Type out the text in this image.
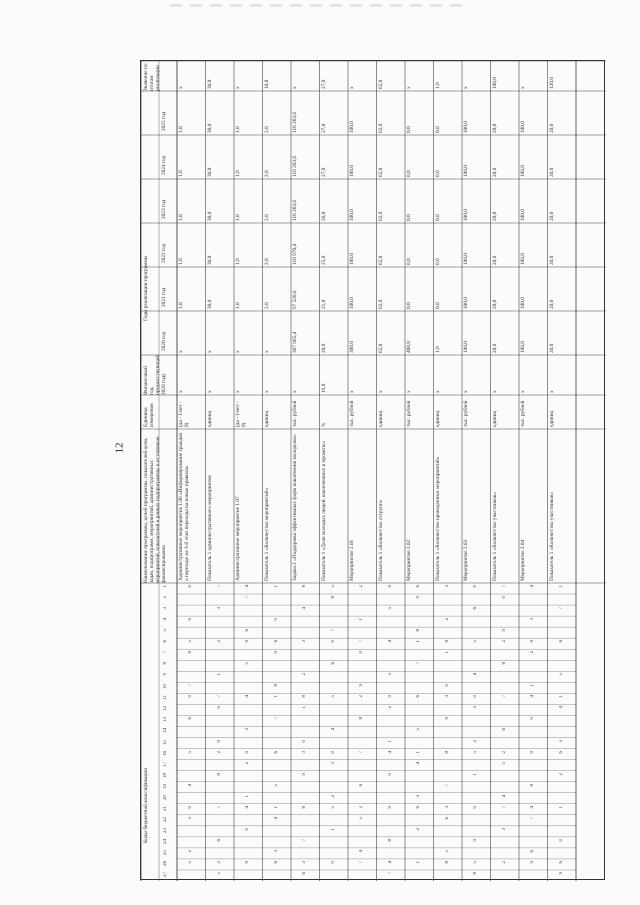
12	Наименование программы, целей программы, показателей цели, задач, подпрограмм, мероприятий, административных мероприятий, показателей в рамках подпрограммы и источников финансирования
Единица измерения
Финансовый год, предшествующий 2020 году
Годы реализации программы
Коды бюджетной классификации
Значение по итогам реализации
2020 год
2021 год
2022 год
2023 год
2024 год
2025 год
Административное мероприятие 1.06 «Информирование граждан о переходе на 3-й этап перехода на новые правила»
(да - 1/нет - 0)
x
x
1,0
1,0
1,0
1,0
1,0
x
Показатель 1 административного мероприятия
единиц
x
x
30,0
30,0
30,0
30,0
30,0
30,0
Административное мероприятие 1.07
(да - 1/нет - 0)
x
x
1,0
1,0
1,0
1,0
1,0
x
Показатель 1 «Количество мероприятий»
единиц
x
x
2,0
2,0
2,0
2,0
2,0
10,0
Задача 2 «Поддержка эффективных форм вовлечения молодежи»
тыс. рублей
x
387 965,4
97 220,6
110 970,4
116 263,6
116 263,6
116 263,6
x
Показатель 1 «Доля молодых людей, вовлеченных в проекты»
%
19,0
20,0
21,0
25,0
26,0
27,0
27,0
27,0
Мероприятие 2.01
тыс. рублей
x
300,0
100,0
100,0
100,0
100,0
100,0
x
Показатель 1 «Количество отгрупп»
единиц
x
62,0
62,0
62,0
62,0
62,0
62,0
62,0
Мероприятие 2.02
тыс. рублей
x
408,0
0,0
0,0
0,0
0,0
0,0
x
Показатель 1 «Количество проведенных мероприятий»
единиц
x
1,0
0,0
0,0
0,0
0,0
0,0
1,0
Мероприятие 2.03
тыс. рублей
x
100,0
100,0
100,0
100,0
100,0
100,0
x
Показатель 1 «Количество участников»
единиц
x
20,0
20,0
20,0
20,0
20,0
20,0
100,0
Мероприятие 2.04
тыс. рублей
x
100,0
100,0
100,0
100,0
100,0
100,0
x
Показатель 1 «Количество участников»
единиц
x
20,0
20,0
20,0
20,0
20,0
20,0
120,0
0
9
5
8
7
0
6
5
4
0
3
2
5
7
3
2
1
7
0
9
2
8
7
6
2
5
4
7
6
9
5
4
3
9
2
1
4
0
9
1
0
6
9
8
1
7
6
5
1
4
3
6
8
4
3
2
8
1
0
3
9
8
7
3
6
5
8
7
0
6
5
4
0
3
2
5
1
0
2
1
7
0
9
2
8
7
6
2
5
4
7
9
5
4
3
9
2
1
4
0
9
8
4
7
6
9
8
1
7
6
5
1
4
3
6
2
1
3
2
8
1
0
3
9
8
7
3
6
5
8
0
6
5
4
0
3
2
5
1
0
9
5
8
7
0
9
2
8
7
6
2
5
4
7
3
2
4
3
9
2
1
4
0
9
8
4
7
6
9
1
7
6
5
1
4
3
6
2
1
0
6
9
1
2
3
4
5
6
7
8
9
10
11
12
13
14
15
16
17
18
19
20
21
22
23
24
25
26
27
